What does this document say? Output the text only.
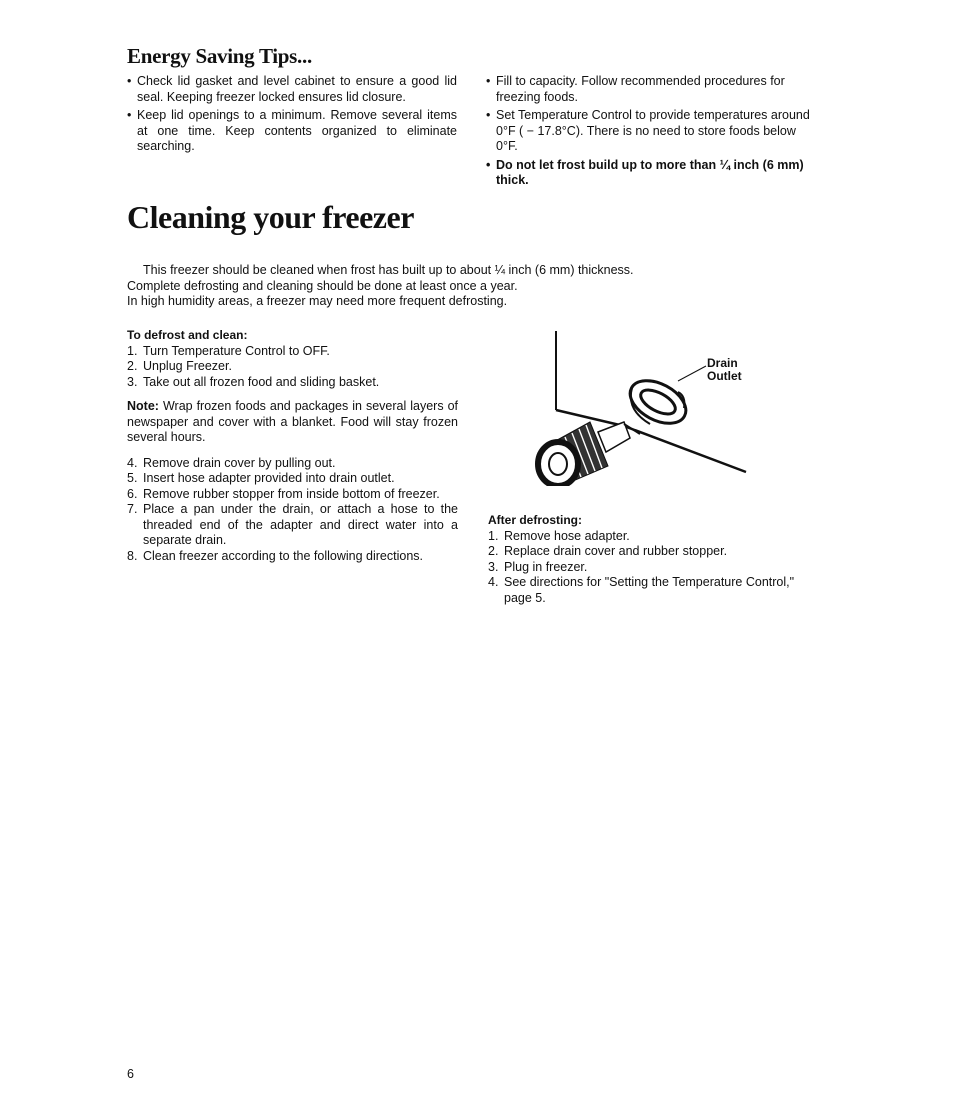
Energy Saving Tips...
• Check lid gasket and level cabinet to ensure a good lid seal. Keeping freezer locked ensures lid closure.
• Keep lid openings to a minimum. Remove several items at one time. Keep contents organized to eliminate searching.
• Fill to capacity. Follow recommended procedures for freezing foods.
• Set Temperature Control to provide temperatures around 0°F ( − 17.8°C). There is no need to store foods below 0°F.
• Do not let frost build up to more than ¼ inch (6 mm) thick.
Cleaning your freezer
This freezer should be cleaned when frost has built up to about ¼ inch (6 mm) thickness.
Complete defrosting and cleaning should be done at least once a year.
In high humidity areas, a freezer may need more frequent defrosting.
To defrost and clean:
1. Turn Temperature Control to OFF.
2. Unplug Freezer.
3. Take out all frozen food and sliding basket.
Note: Wrap frozen foods and packages in several layers of newspaper and cover with a blanket. Food will stay frozen several hours.
4. Remove drain cover by pulling out.
5. Insert hose adapter provided into drain outlet.
6. Remove rubber stopper from inside bottom of freezer.
7. Place a pan under the drain, or attach a hose to the threaded end of the adapter and direct water into a separate drain.
8. Clean freezer according to the following directions.
Drain
Outlet
After defrosting:
1. Remove hose adapter.
2. Replace drain cover and rubber stopper.
3. Plug in freezer.
4. See directions for "Setting the Temperature Control," page 5.
6
